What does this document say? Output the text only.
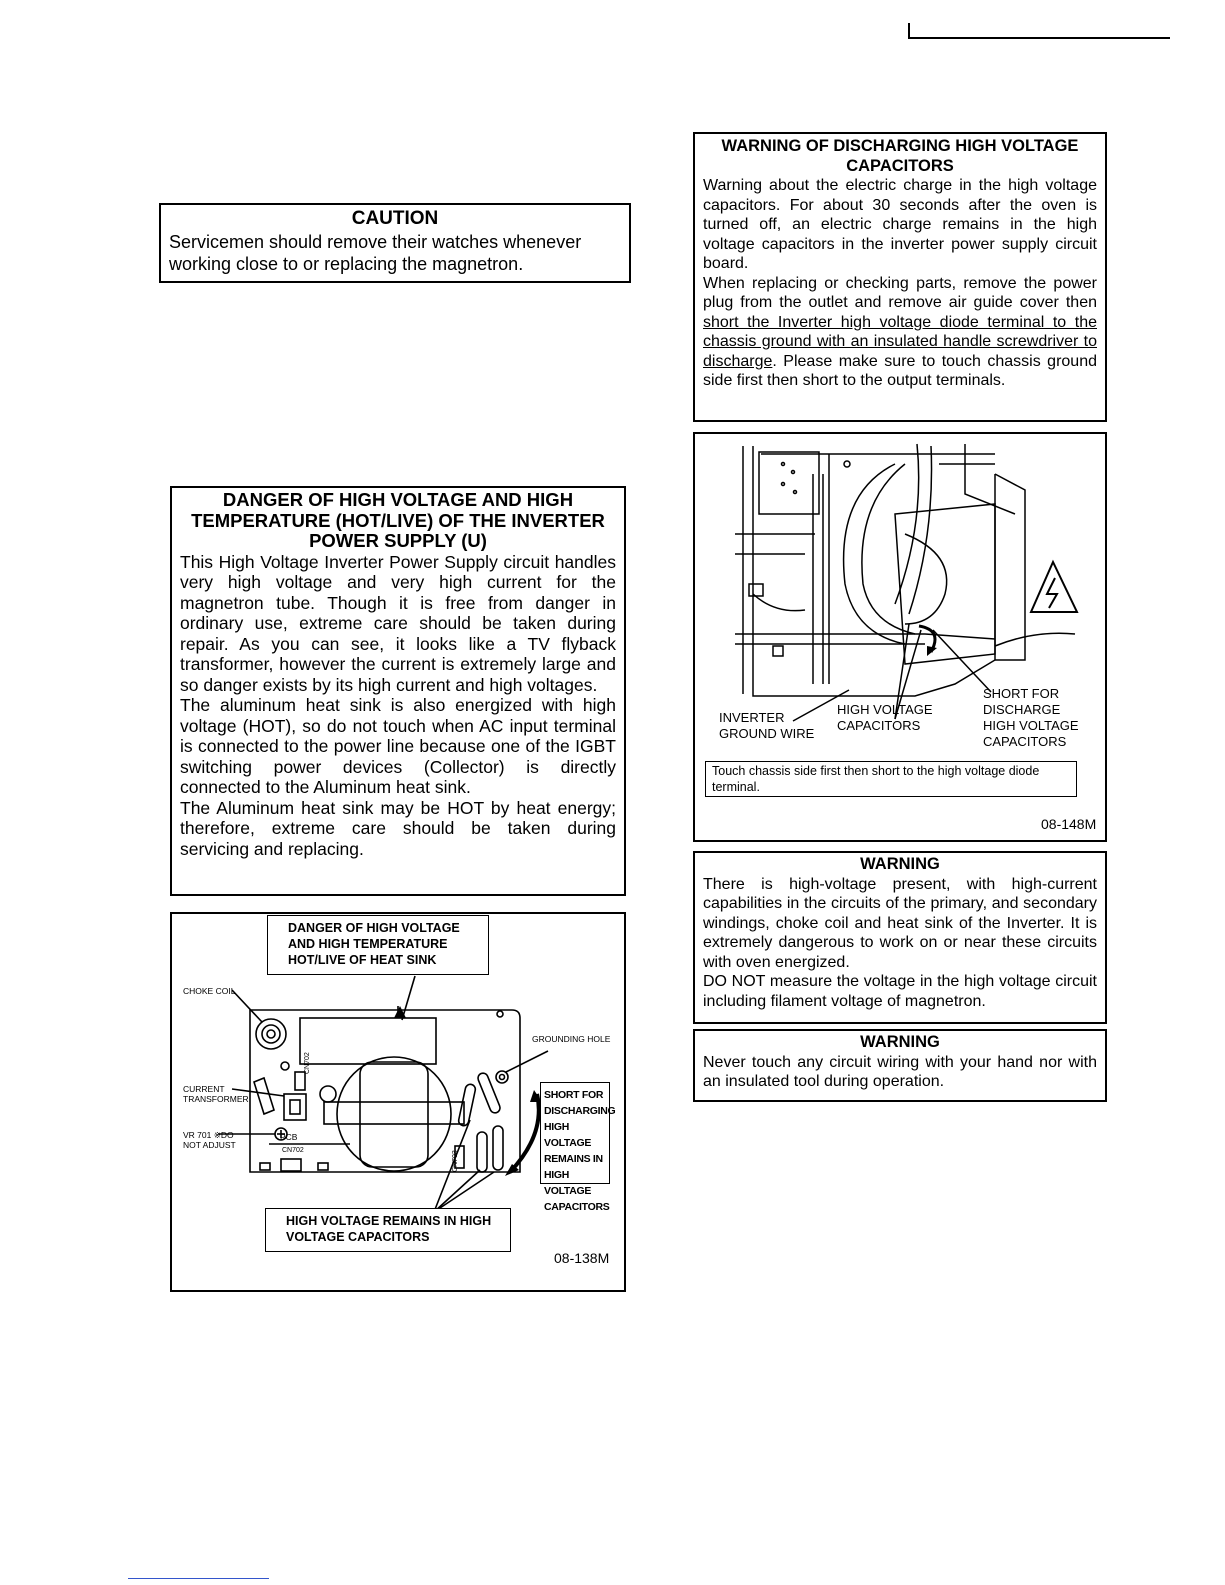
CAUTION
Servicemen should remove their watches whenever working close to or replacing the magnetron.
DANGER OF HIGH VOLTAGE AND HIGH TEMPERATURE (HOT/LIVE) OF THE INVERTER POWER SUPPLY (U)

This High Voltage Inverter Power Supply circuit handles very high voltage and very high current for the magnetron tube. Though it is free from danger in ordinary use, extreme care should be taken during repair. As you can see, it looks like a TV flyback transformer, however the current is extremely large and so danger exists by its high current and high voltages.

The aluminum heat sink is also energized with high voltage (HOT), so do not touch when AC input terminal is connected to the power line because one of the IGBT switching power devices (Collector) is directly connected to the Aluminum heat sink.

The Aluminum heat sink may be HOT by heat energy; therefore, extreme care should be taken during servicing and replacing.

DANGER OF HIGH VOLTAGE AND HIGH TEMPERATURE HOT/LIVE OF HEAT SINK
SHORT FOR DISCHARGING HIGH VOLTAGE REMAINS IN HIGH VOLTAGE CAPACITORS
HIGH VOLTAGE REMAINS IN HIGH VOLTAGE CAPACITORS
CHOKE COIL
CURRENT TRANSFORMER
VR 701 ※DO NOT ADJUST
GROUNDING HOLE
PCB
CN702
CN702
CN703
08-138M
WARNING OF DISCHARGING HIGH VOLTAGE CAPACITORS

Warning about the electric charge in the high voltage capacitors. For about 30 seconds after the oven is turned off, an electric charge remains in the high voltage capacitors in the inverter power supply circuit board.

When replacing or checking parts, remove the power plug from the outlet and remove air guide cover then short the Inverter high voltage diode terminal to the chassis ground with an insulated handle screwdriver to discharge. Please make sure to touch chassis ground side first then short to the output terminals.

INVERTER GROUND WIRE
HIGH VOLTAGE CAPACITORS
SHORT FOR DISCHARGE HIGH VOLTAGE CAPACITORS
Touch chassis side first then short to the high voltage diode terminal.
08-148M
WARNING

There is high-voltage present, with high-current capabilities in the circuits of the primary, and secondary windings, choke coil and heat sink of the Inverter. It is extremely dangerous to work on or near these circuits with oven energized.

DO NOT measure the voltage in the high voltage circuit including filament voltage of magnetron.

WARNING

Never touch any circuit wiring with your hand nor with an insulated tool during operation.
